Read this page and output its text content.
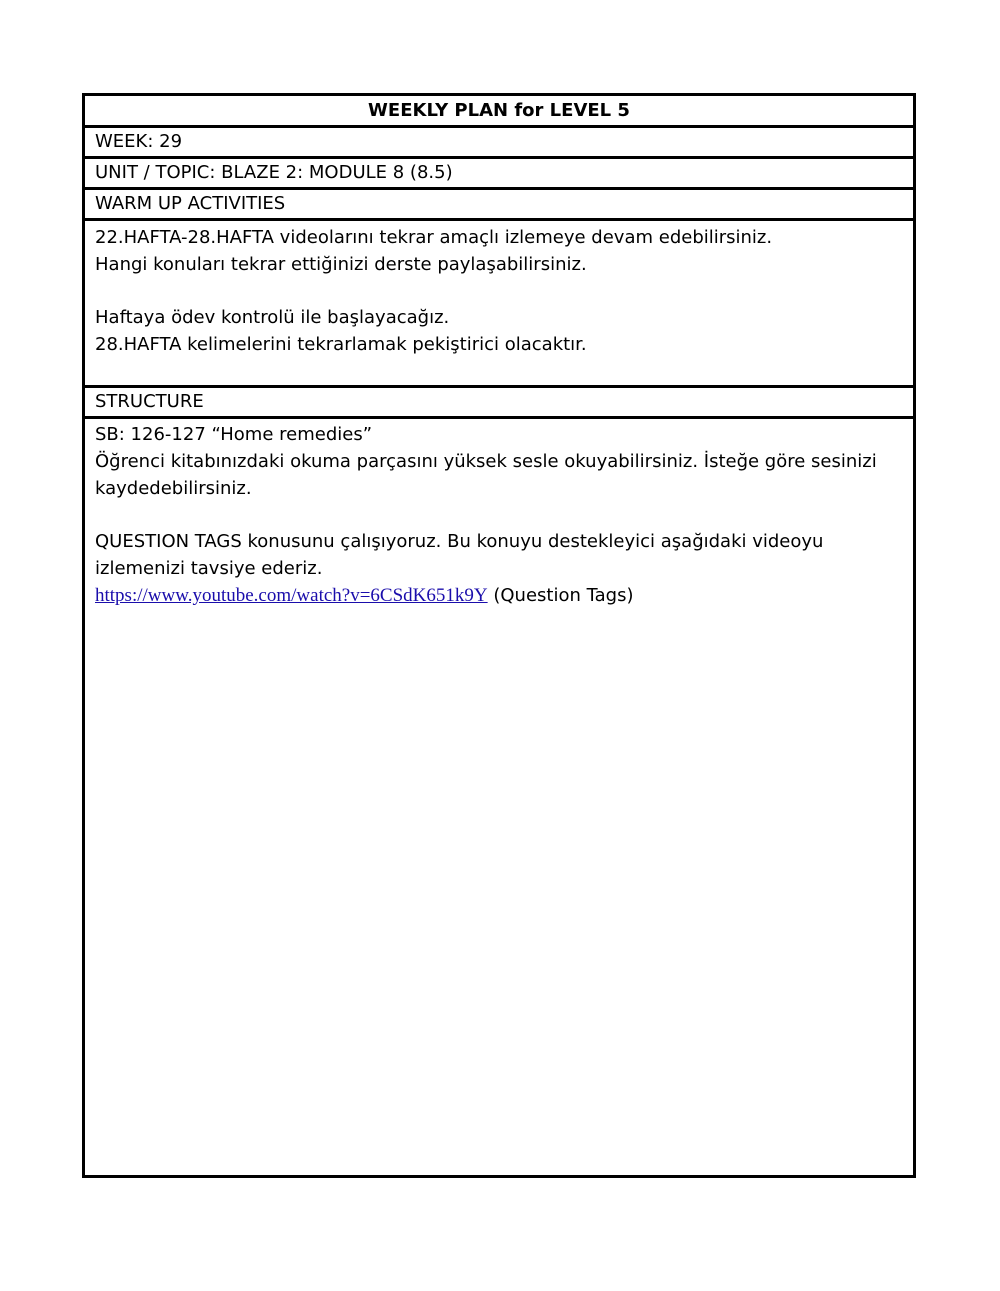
WEEKLY PLAN for LEVEL 5
WEEK: 29
UNIT / TOPIC: BLAZE 2: MODULE 8 (8.5)
WARM UP ACTIVITIES

22.HAFTA-28.HAFTA videolarını tekrar amaçlı izlemeye devam edebilirsiniz.

Hangi konuları tekrar ettiğinizi derste paylaşabilirsiniz.

Haftaya ödev kontrolü ile başlayacağız.

28.HAFTA kelimelerini tekrarlamak pekiştirici olacaktır.

STRUCTURE

SB: 126-127 “Home remedies”

Öğrenci kitabınızdaki okuma parçasını yüksek sesle okuyabilirsiniz. İsteğe göre sesinizi kaydedebilirsiniz.

QUESTION TAGS konusunu çalışıyoruz. Bu konuyu destekleyici aşağıdaki videoyu izlemenizi tavsiye ederiz.

https://www.youtube.com/watch?v=6CSdK651k9Y (Question Tags)
